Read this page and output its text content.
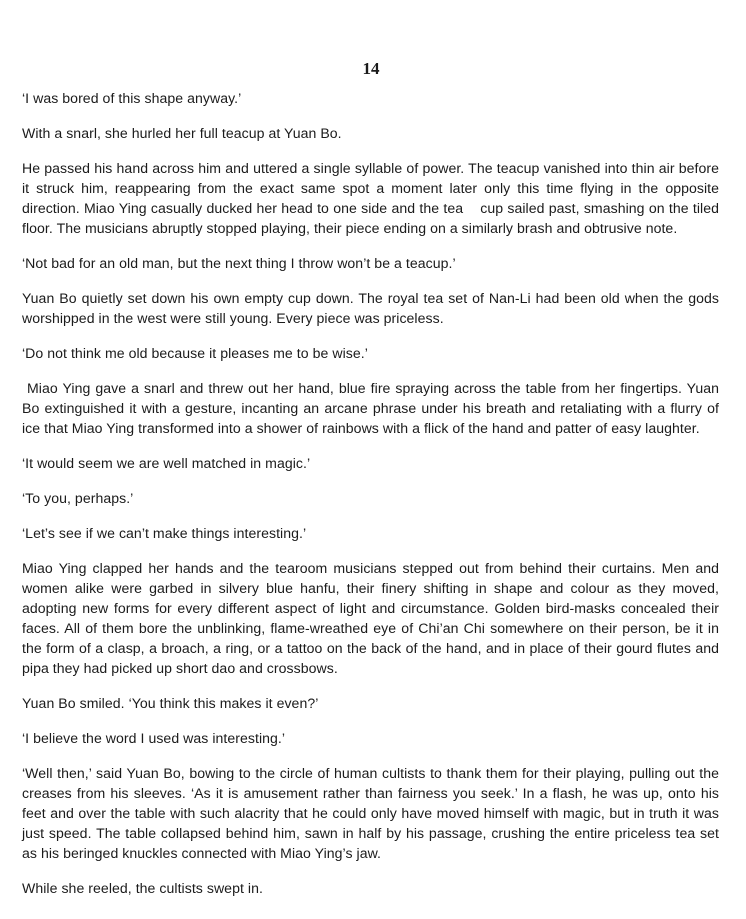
14

‘I was bored of this shape anyway.’

With a snarl, she hurled her full teacup at Yuan Bo.

He passed his hand across him and uttered a single syllable of power. The teacup vanished into thin air before it struck him, reappearing from the exact same spot a moment later only this time flying in the opposite direction. Miao Ying casually ducked her head to one side and the tea    cup sailed past, smashing on the tiled floor. The musicians abruptly stopped playing, their piece ending on a similarly brash and obtrusive note.

‘Not bad for an old man, but the next thing I throw won’t be a teacup.’

Yuan Bo quietly set down his own empty cup down. The royal tea set of Nan-Li had been old when the gods worshipped in the west were still young. Every piece was priceless.

‘Do not think me old because it pleases me to be wise.’

Miao Ying gave a snarl and threw out her hand, blue fire spraying across the table from her fingertips. Yuan Bo extinguished it with a gesture, incanting an arcane phrase under his breath and retaliating with a flurry of ice that Miao Ying transformed into a shower of rainbows with a flick of the hand and patter of easy laughter.

‘It would seem we are well matched in magic.’

‘To you, perhaps.’

‘Let’s see if we can’t make things interesting.’

Miao Ying clapped her hands and the tearoom musicians stepped out from behind their curtains. Men and women alike were garbed in silvery blue hanfu, their finery shifting in shape and colour as they moved, adopting new forms for every different aspect of light and circumstance. Golden bird-masks concealed their faces. All of them bore the unblinking, flame-wreathed eye of Chi’an Chi somewhere on their person, be it in the form of a clasp, a broach, a ring, or a tattoo on the back of the hand, and in place of their gourd flutes and pipa they had picked up short dao and crossbows.

Yuan Bo smiled. ‘You think this makes it even?’

‘I believe the word I used was interesting.’

‘Well then,’ said Yuan Bo, bowing to the circle of human cultists to thank them for their playing, pulling out the creases from his sleeves. ‘As it is amusement rather than fairness you seek.’ In a flash, he was up, onto his feet and over the table with such alacrity that he could only have moved himself with magic, but in truth it was just speed. The table collapsed behind him, sawn in half by his passage, crushing the entire priceless tea set as his beringed knuckles connected with Miao Ying’s jaw.

While she reeled, the cultists swept in.
